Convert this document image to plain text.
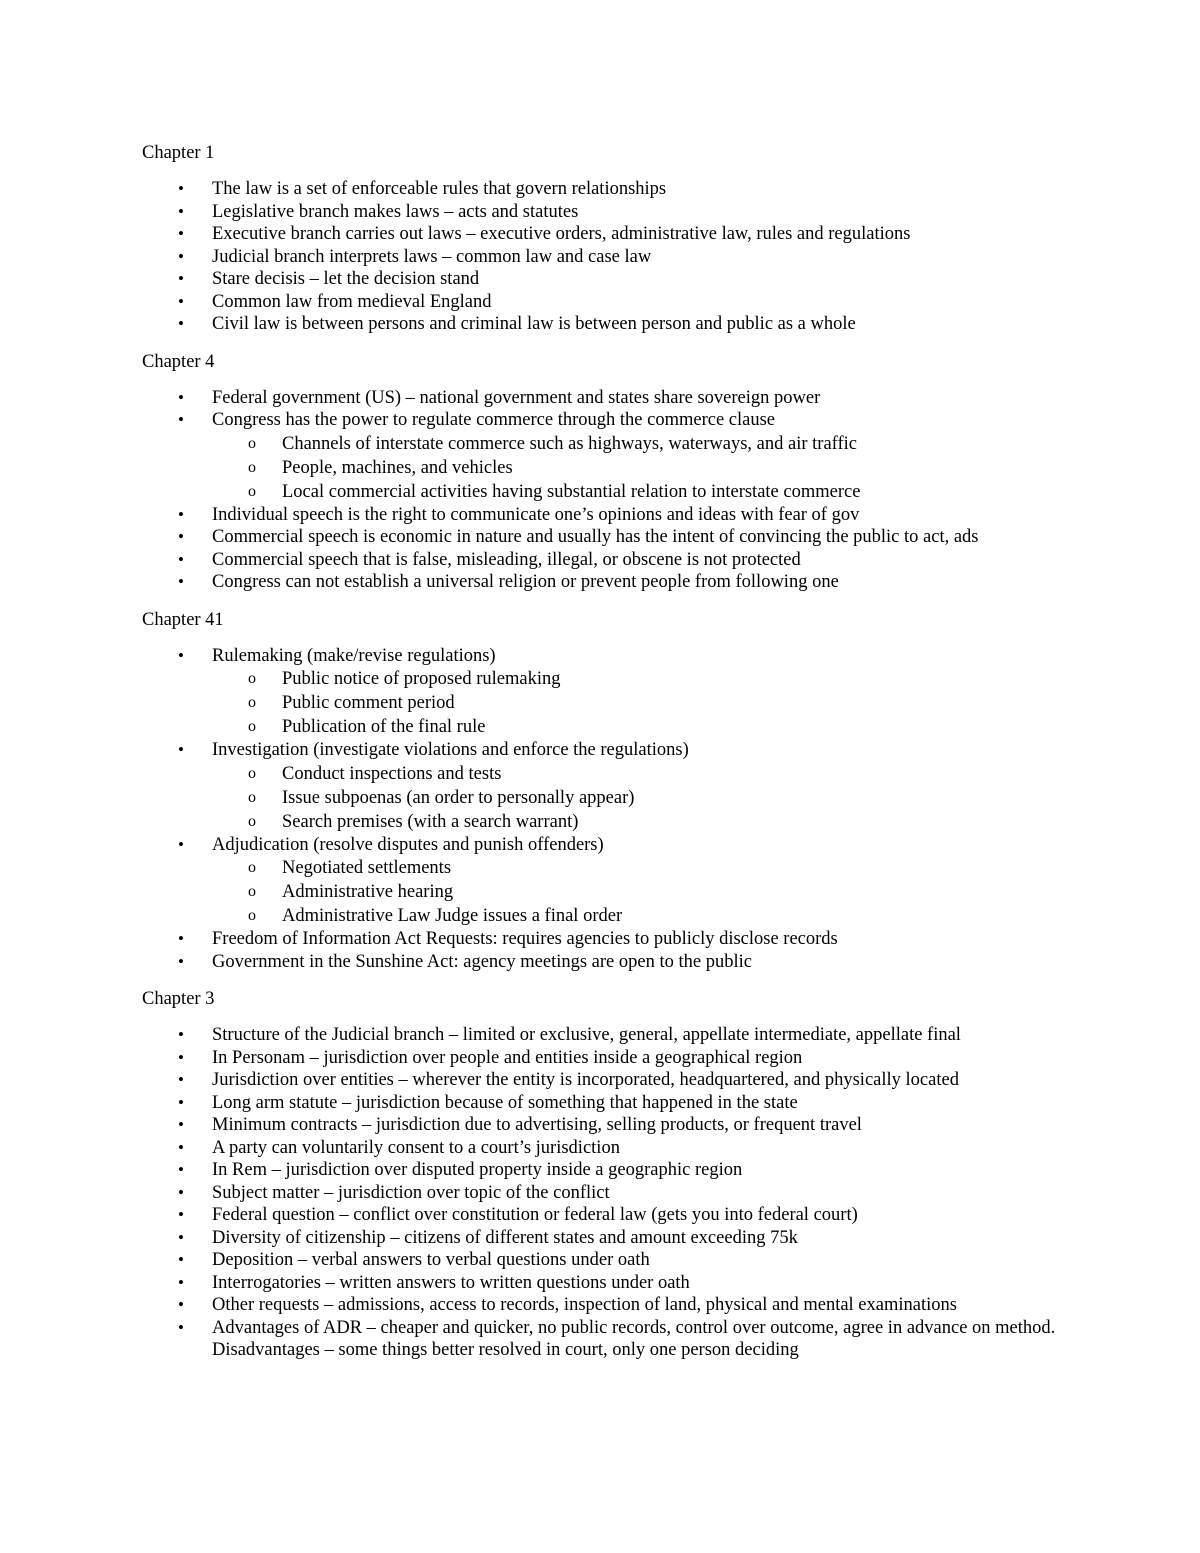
Chapter 1
• The law is a set of enforceable rules that govern relationships
• Legislative branch makes laws – acts and statutes
• Executive branch carries out laws – executive orders, administrative law, rules and regulations
• Judicial branch interprets laws – common law and case law
• Stare decisis – let the decision stand
• Common law from medieval England
• Civil law is between persons and criminal law is between person and public as a whole
Chapter 4
• Federal government (US) – national government and states share sovereign power
• Congress has the power to regulate commerce through the commerce clause
o Channels of interstate commerce such as highways, waterways, and air traffic
o People, machines, and vehicles
o Local commercial activities having substantial relation to interstate commerce
• Individual speech is the right to communicate one’s opinions and ideas with fear of gov
• Commercial speech is economic in nature and usually has the intent of convincing the public to act, ads
• Commercial speech that is false, misleading, illegal, or obscene is not protected
• Congress can not establish a universal religion or prevent people from following one
Chapter 41
• Rulemaking (make/revise regulations)
o Public notice of proposed rulemaking
o Public comment period
o Publication of the final rule
• Investigation (investigate violations and enforce the regulations)
o Conduct inspections and tests
o Issue subpoenas (an order to personally appear)
o Search premises (with a search warrant)
• Adjudication (resolve disputes and punish offenders)
o Negotiated settlements
o Administrative hearing
o Administrative Law Judge issues a final order
• Freedom of Information Act Requests: requires agencies to publicly disclose records
• Government in the Sunshine Act: agency meetings are open to the public
Chapter 3
• Structure of the Judicial branch – limited or exclusive, general, appellate intermediate, appellate final
• In Personam – jurisdiction over people and entities inside a geographical region
• Jurisdiction over entities – wherever the entity is incorporated, headquartered, and physically located
• Long arm statute – jurisdiction because of something that happened in the state
• Minimum contracts – jurisdiction due to advertising, selling products, or frequent travel
• A party can voluntarily consent to a court’s jurisdiction
• In Rem – jurisdiction over disputed property inside a geographic region
• Subject matter – jurisdiction over topic of the conflict
• Federal question – conflict over constitution or federal law (gets you into federal court)
• Diversity of citizenship – citizens of different states and amount exceeding 75k
• Deposition – verbal answers to verbal questions under oath
• Interrogatories – written answers to written questions under oath
• Other requests – admissions, access to records, inspection of land, physical and mental examinations
• Advantages of ADR – cheaper and quicker, no public records, control over outcome, agree in advance on method. Disadvantages – some things better resolved in court, only one person deciding
